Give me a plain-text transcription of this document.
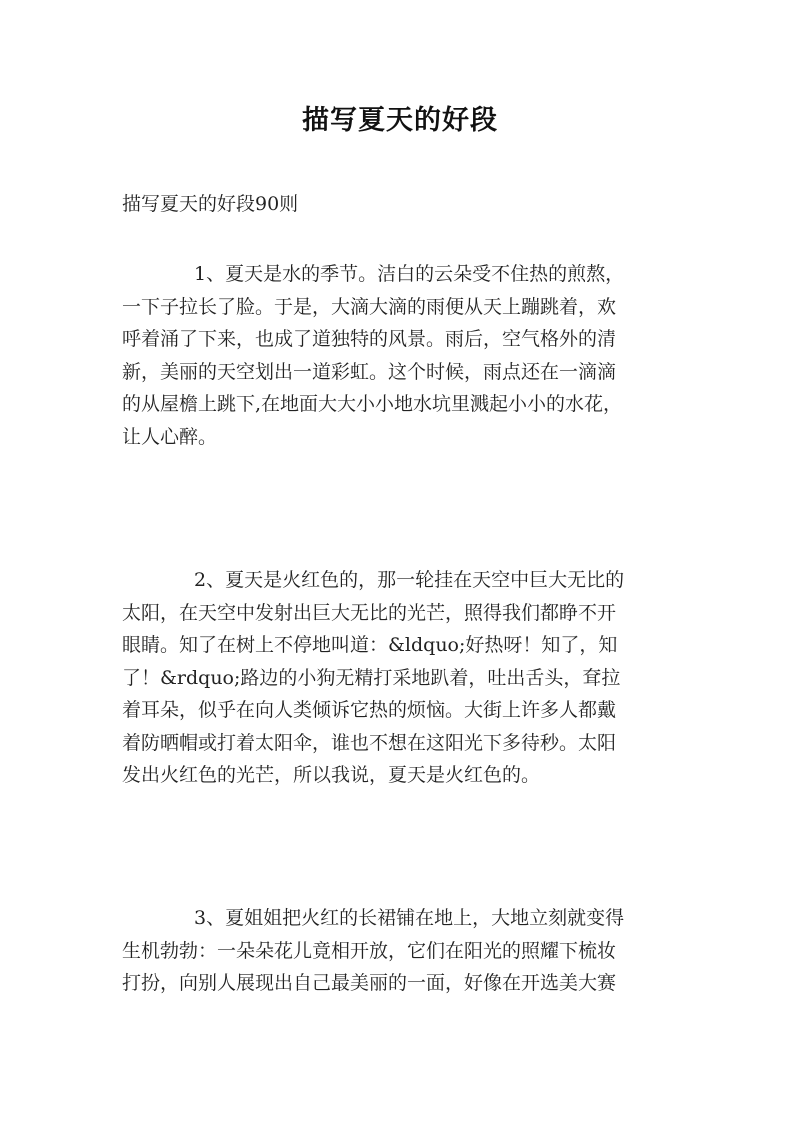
描写夏天的好段
描写夏天的好段90则

1、夏天是水的季节。洁白的云朵受不住热的煎熬，
一下子拉长了脸。于是，大滴大滴的雨便从天上蹦跳着，欢
呼着涌了下来，也成了道独特的风景。雨后，空气格外的清
新，美丽的天空划出一道彩虹。这个时候，雨点还在一滴滴
的从屋檐上跳下,在地面大大小小地水坑里溅起小小的水花，
让人心醉。

2、夏天是火红色的，那一轮挂在天空中巨大无比的
太阳，在天空中发射出巨大无比的光芒，照得我们都睁不开
眼睛。知了在树上不停地叫道：&ldquo;好热呀！知了，知
了！&rdquo;路边的小狗无精打采地趴着，吐出舌头，耷拉
着耳朵，似乎在向人类倾诉它热的烦恼。大街上许多人都戴
着防晒帽或打着太阳伞，谁也不想在这阳光下多待秒。太阳
发出火红色的光芒，所以我说，夏天是火红色的。

3、夏姐姐把火红的长裙铺在地上，大地立刻就变得
生机勃勃：一朵朵花儿竟相开放，它们在阳光的照耀下梳妆
打扮，向别人展现出自己最美丽的一面，好像在开选美大赛
